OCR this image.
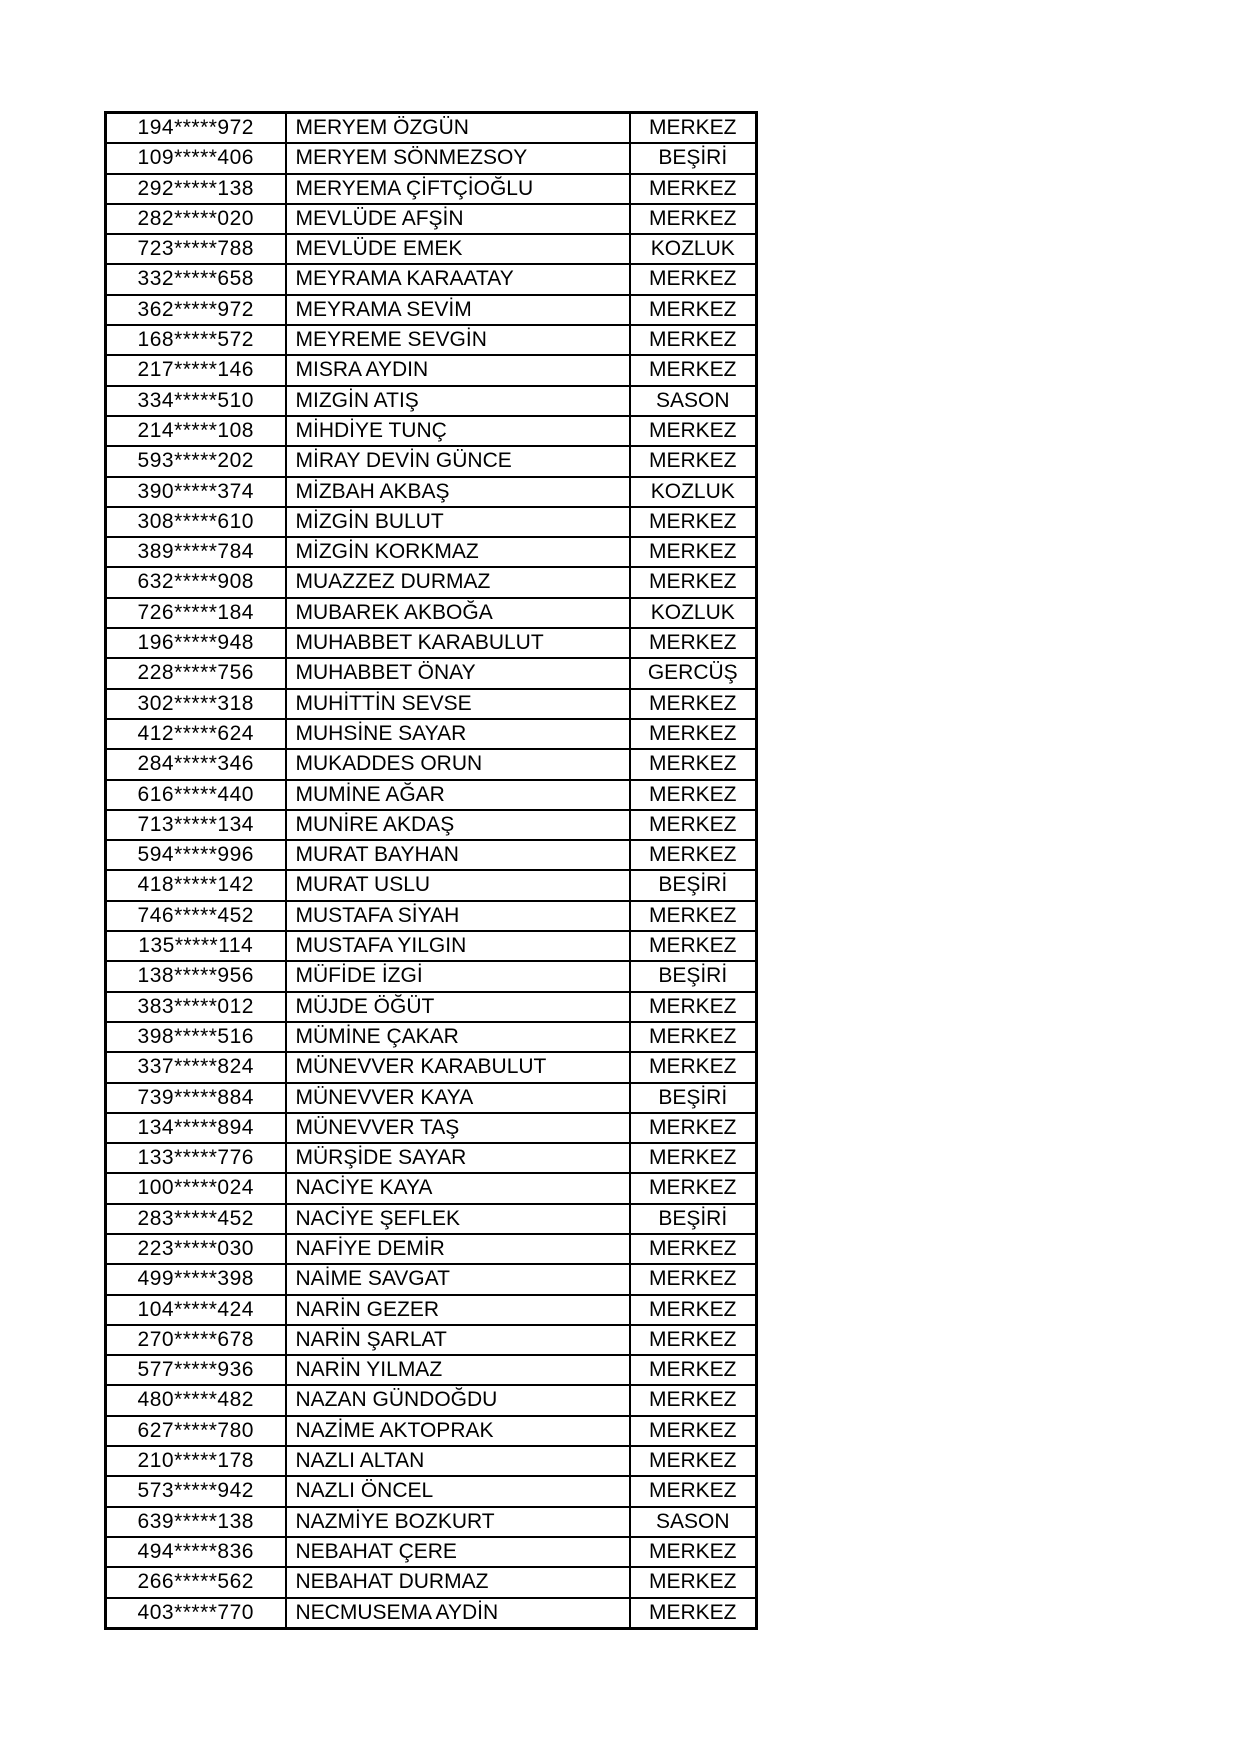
194*****972	MERYEM ÖZGÜN	MERKEZ
109*****406	MERYEM SÖNMEZSOY	BEŞİRİ
292*****138	MERYEMA ÇİFTÇİOĞLU	MERKEZ
282*****020	MEVLÜDE AFŞİN	MERKEZ
723*****788	MEVLÜDE EMEK	KOZLUK
332*****658	MEYRAMA KARAATAY	MERKEZ
362*****972	MEYRAMA SEVİM	MERKEZ
168*****572	MEYREME SEVGİN	MERKEZ
217*****146	MISRA AYDIN	MERKEZ
334*****510	MIZGİN ATIŞ	SASON
214*****108	MİHDİYE TUNÇ	MERKEZ
593*****202	MİRAY DEVİN GÜNCE	MERKEZ
390*****374	MİZBAH AKBAŞ	KOZLUK
308*****610	MİZGİN BULUT	MERKEZ
389*****784	MİZGİN KORKMAZ	MERKEZ
632*****908	MUAZZEZ DURMAZ	MERKEZ
726*****184	MUBAREK AKBOĞA	KOZLUK
196*****948	MUHABBET KARABULUT	MERKEZ
228*****756	MUHABBET ÖNAY	GERCÜŞ
302*****318	MUHİTTİN SEVSE	MERKEZ
412*****624	MUHSİNE SAYAR	MERKEZ
284*****346	MUKADDES ORUN	MERKEZ
616*****440	MUMİNE AĞAR	MERKEZ
713*****134	MUNİRE AKDAŞ	MERKEZ
594*****996	MURAT BAYHAN	MERKEZ
418*****142	MURAT USLU	BEŞİRİ
746*****452	MUSTAFA SİYAH	MERKEZ
135*****114	MUSTAFA YILGIN	MERKEZ
138*****956	MÜFİDE İZGİ	BEŞİRİ
383*****012	MÜJDE ÖĞÜT	MERKEZ
398*****516	MÜMİNE ÇAKAR	MERKEZ
337*****824	MÜNEVVER KARABULUT	MERKEZ
739*****884	MÜNEVVER KAYA	BEŞİRİ
134*****894	MÜNEVVER TAŞ	MERKEZ
133*****776	MÜRŞİDE SAYAR	MERKEZ
100*****024	NACİYE KAYA	MERKEZ
283*****452	NACİYE ŞEFLEK	BEŞİRİ
223*****030	NAFİYE DEMİR	MERKEZ
499*****398	NAİME SAVGAT	MERKEZ
104*****424	NARİN GEZER	MERKEZ
270*****678	NARİN ŞARLAT	MERKEZ
577*****936	NARİN YILMAZ	MERKEZ
480*****482	NAZAN GÜNDOĞDU	MERKEZ
627*****780	NAZİME AKTOPRAK	MERKEZ
210*****178	NAZLI ALTAN	MERKEZ
573*****942	NAZLI ÖNCEL	MERKEZ
639*****138	NAZMİYE BOZKURT	SASON
494*****836	NEBAHAT ÇERE	MERKEZ
266*****562	NEBAHAT DURMAZ	MERKEZ
403*****770	NECMUSEMA AYDİN	MERKEZ
